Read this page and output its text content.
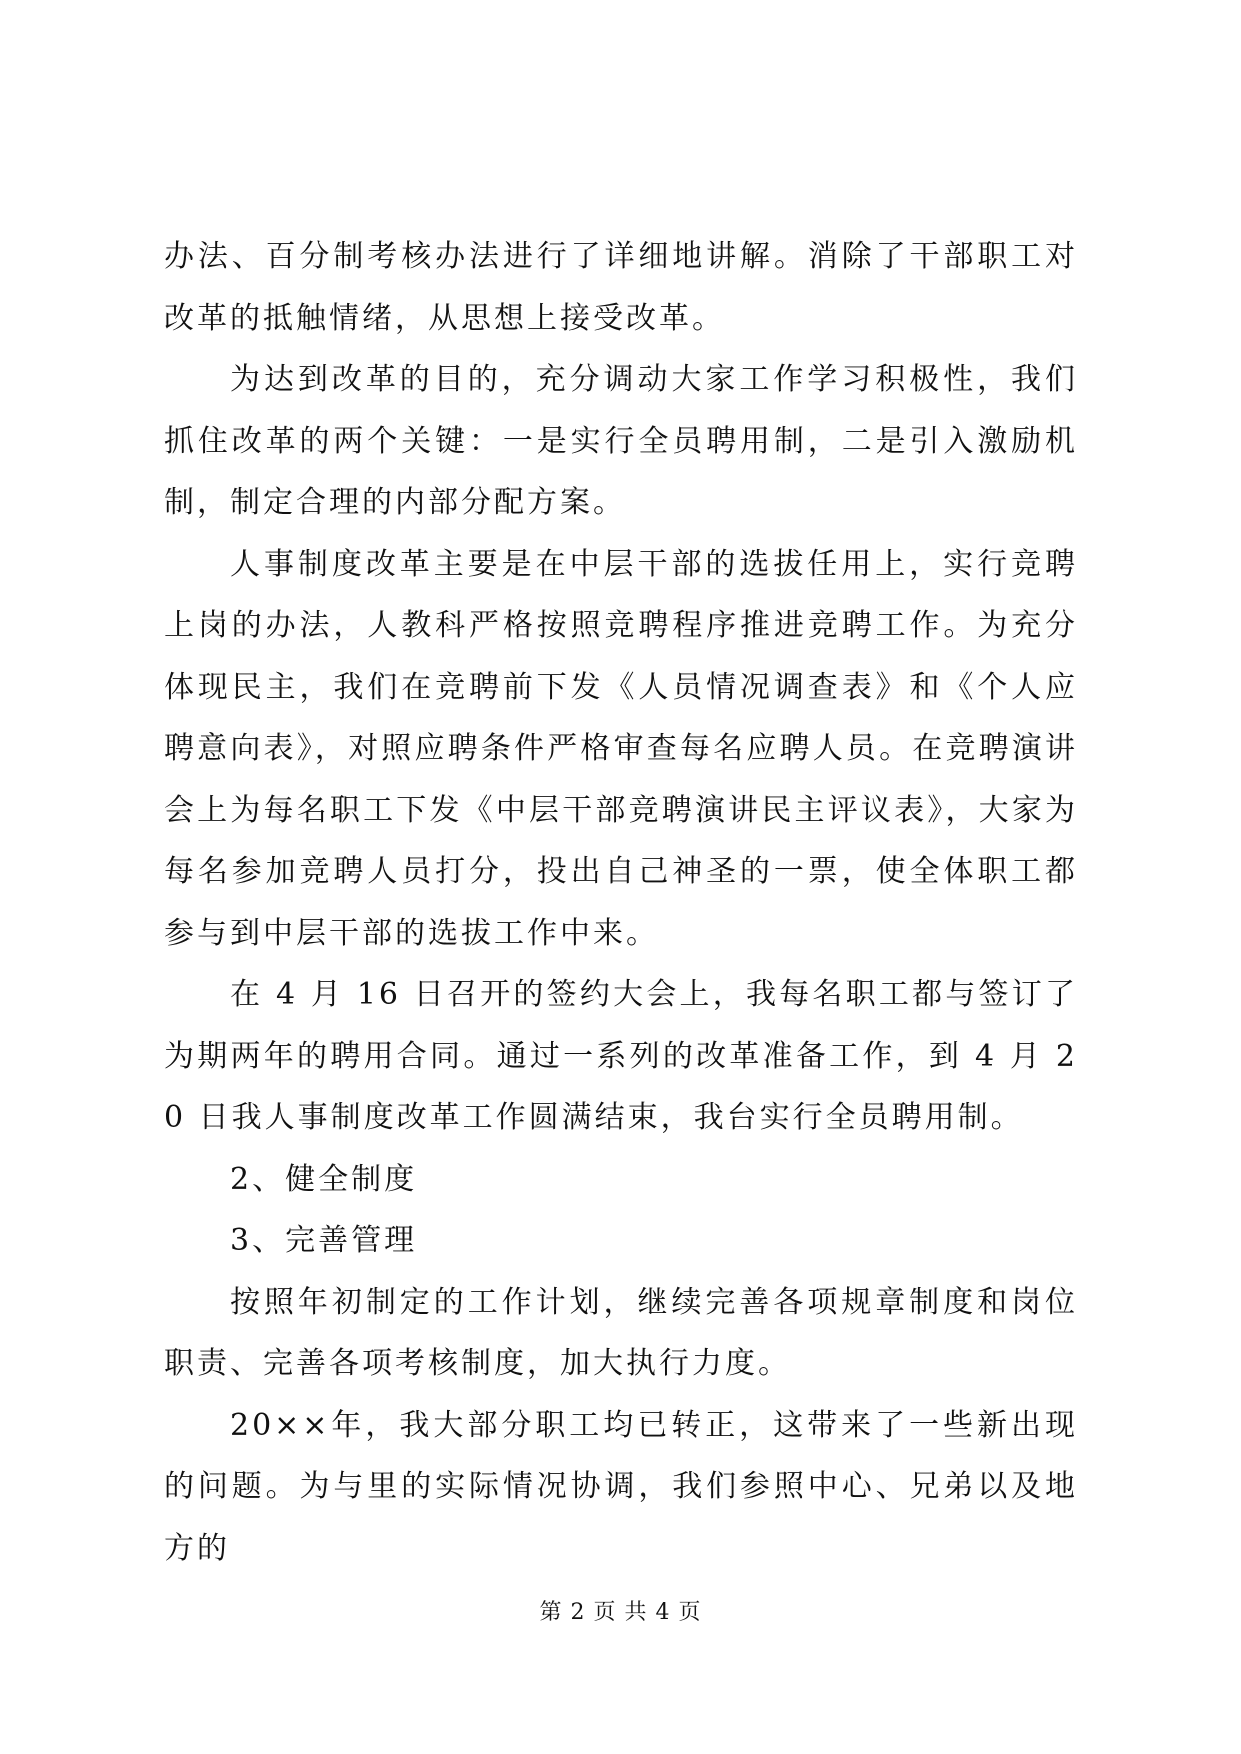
办法、百分制考核办法进行了详细地讲解。消除了干部职工对改革的抵触情绪，从思想上接受改革。

为达到改革的目的，充分调动大家工作学习积极性，我们抓住改革的两个关键：一是实行全员聘用制，二是引入激励机制，制定合理的内部分配方案。

人事制度改革主要是在中层干部的选拔任用上，实行竞聘上岗的办法，人教科严格按照竞聘程序推进竞聘工作。为充分体现民主，我们在竞聘前下发《人员情况调查表》和《个人应聘意向表》，对照应聘条件严格审查每名应聘人员。在竞聘演讲会上为每名职工下发《中层干部竞聘演讲民主评议表》，大家为每名参加竞聘人员打分，投出自己神圣的一票，使全体职工都参与到中层干部的选拔工作中来。

在 4 月 16 日召开的签约大会上，我每名职工都与签订了为期两年的聘用合同。通过一系列的改革准备工作，到 4 月 20 日我人事制度改革工作圆满结束，我台实行全员聘用制。

2、健全制度

3、完善管理

按照年初制定的工作计划，继续完善各项规章制度和岗位职责、完善各项考核制度，加大执行力度。

20××年，我大部分职工均已转正，这带来了一些新出现的问题。为与里的实际情况协调，我们参照中心、兄弟以及地方的

第 2 页 共 4 页
